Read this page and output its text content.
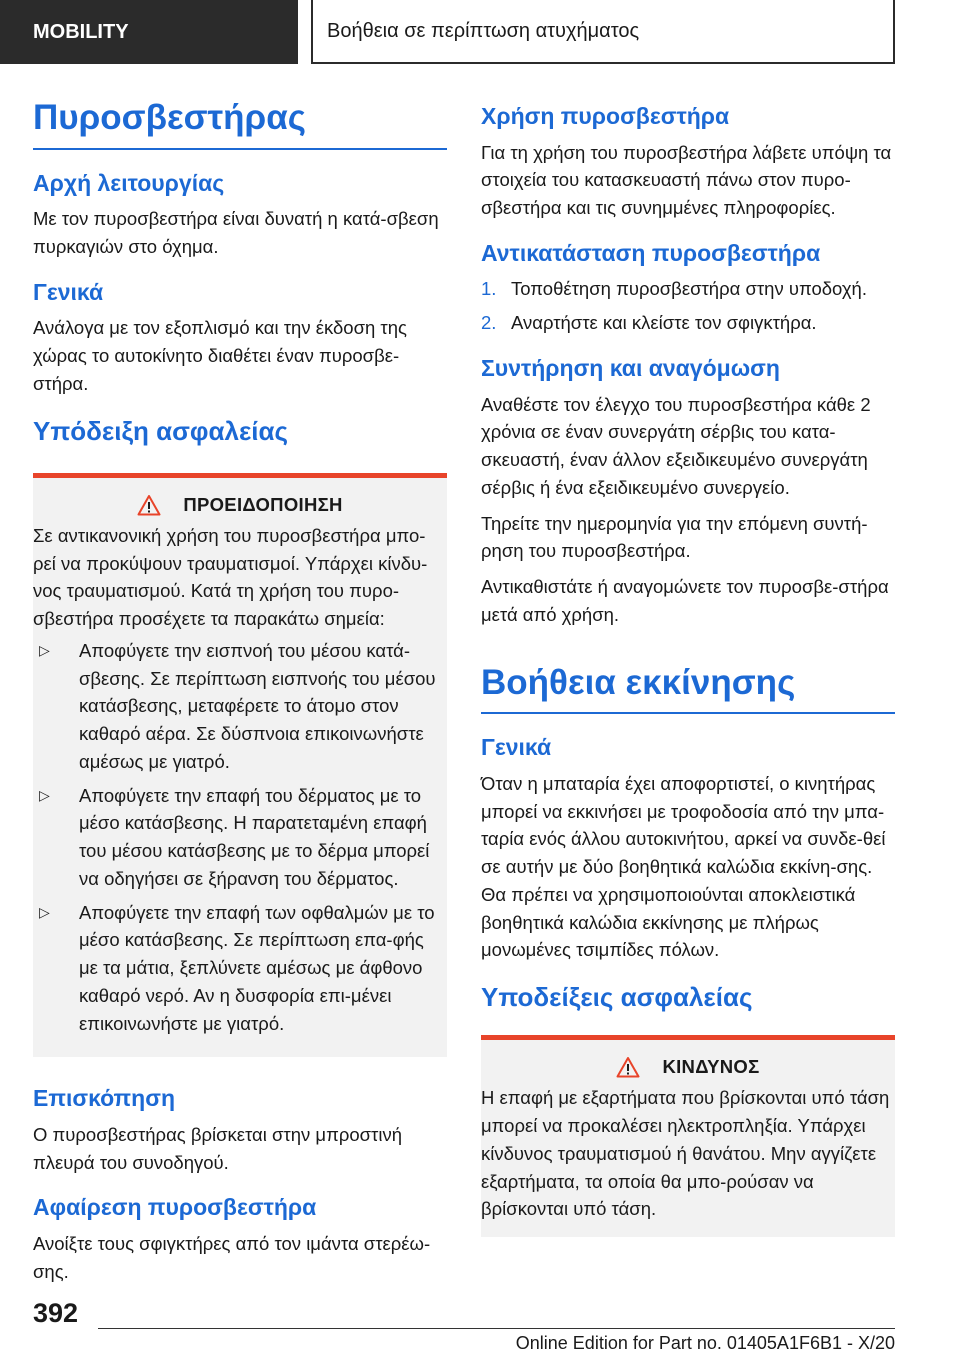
MOBILITY	Βοήθεια σε περίπτωση ατυχήματος
Πυροσβεστήρας
Αρχή λειτουργίας

Με τον πυροσβεστήρα είναι δυνατή η κατά-σβεση πυρκαγιών στο όχημα.

Γενικά

Ανάλογα με τον εξοπλισμό και την έκδοση της χώρας το αυτοκίνητο διαθέτει έναν πυροσβε-στήρα.

Υπόδειξη ασφαλείας
ΠΡΟΕΙΔΟΠΟΙΗΣΗ

Σε αντικανονική χρήση του πυροσβεστήρα μπο-ρεί να προκύψουν τραυματισμοί. Υπάρχει κίνδυ-νος τραυματισμού. Κατά τη χρήση του πυρο-σβεστήρα προσέχετε τα παρακάτω σημεία:

▷	Αποφύγετε την εισπνοή του μέσου κατά-σβεσης. Σε περίπτωση εισπνοής του μέσου κατάσβεσης, μεταφέρετε το άτομο στον καθαρό αέρα. Σε δύσπνοια επικοινωνήστε αμέσως με γιατρό.
▷	Αποφύγετε την επαφή του δέρματος με το μέσο κατάσβεσης. Η παρατεταμένη επαφή του μέσου κατάσβεσης με το δέρμα μπορεί να οδηγήσει σε ξήρανση του δέρματος.
▷	Αποφύγετε την επαφή των οφθαλμών με το μέσο κατάσβεσης. Σε περίπτωση επα-φής με τα μάτια, ξεπλύνετε αμέσως με άφθονο καθαρό νερό. Αν η δυσφορία επι-μένει επικοινωνήστε με γιατρό.
Επισκόπηση

Ο πυροσβεστήρας βρίσκεται στην μπροστινή πλευρά του συνοδηγού.

Αφαίρεση πυροσβεστήρα

Ανοίξτε τους σφιγκτήρες από τον ιμάντα στερέω-σης.

Χρήση πυροσβεστήρα

Για τη χρήση του πυροσβεστήρα λάβετε υπόψη τα στοιχεία του κατασκευαστή πάνω στον πυρο-σβεστήρα και τις συνημμένες πληροφορίες.

Αντικατάσταση πυροσβεστήρα
1. Τοποθέτηση πυροσβεστήρα στην υποδοχή.
2. Αναρτήστε και κλείστε τον σφιγκτήρα.
Συντήρηση και αναγόμωση

Αναθέστε τον έλεγχο του πυροσβεστήρα κάθε 2 χρόνια σε έναν συνεργάτη σέρβις του κατα-σκευαστή, έναν άλλον εξειδικευμένο συνεργάτη σέρβις ή ένα εξειδικευμένο συνεργείο.

Τηρείτε την ημερομηνία για την επόμενη συντή-ρηση του πυροσβεστήρα.

Αντικαθιστάτε ή αναγομώνετε τον πυροσβε-στήρα μετά από χρήση.

Βοήθεια εκκίνησης
Γενικά

Όταν η μπαταρία έχει αποφορτιστεί, ο κινητήρας μπορεί να εκκινήσει με τροφοδοσία από την μπα-ταρία ενός άλλου αυτοκινήτου, αρκεί να συνδε-θεί σε αυτήν με δύο βοηθητικά καλώδια εκκίνη-σης. Θα πρέπει να χρησιμοποιούνται αποκλειστικά βοηθητικά καλώδια εκκίνησης με πλήρως μονωμένες τσιμπίδες πόλων.

Υποδείξεις ασφαλείας
ΚΙΝΔΥΝΟΣ

Η επαφή με εξαρτήματα που βρίσκονται υπό τάση μπορεί να προκαλέσει ηλεκτροπληξία. Υπάρχει κίνδυνος τραυματισμού ή θανάτου. Μην αγγίζετε εξαρτήματα, τα οποία θα μπο-ρούσαν να βρίσκονται υπό τάση.

392
Online Edition for Part no. 01405A1F6B1 - X/20
